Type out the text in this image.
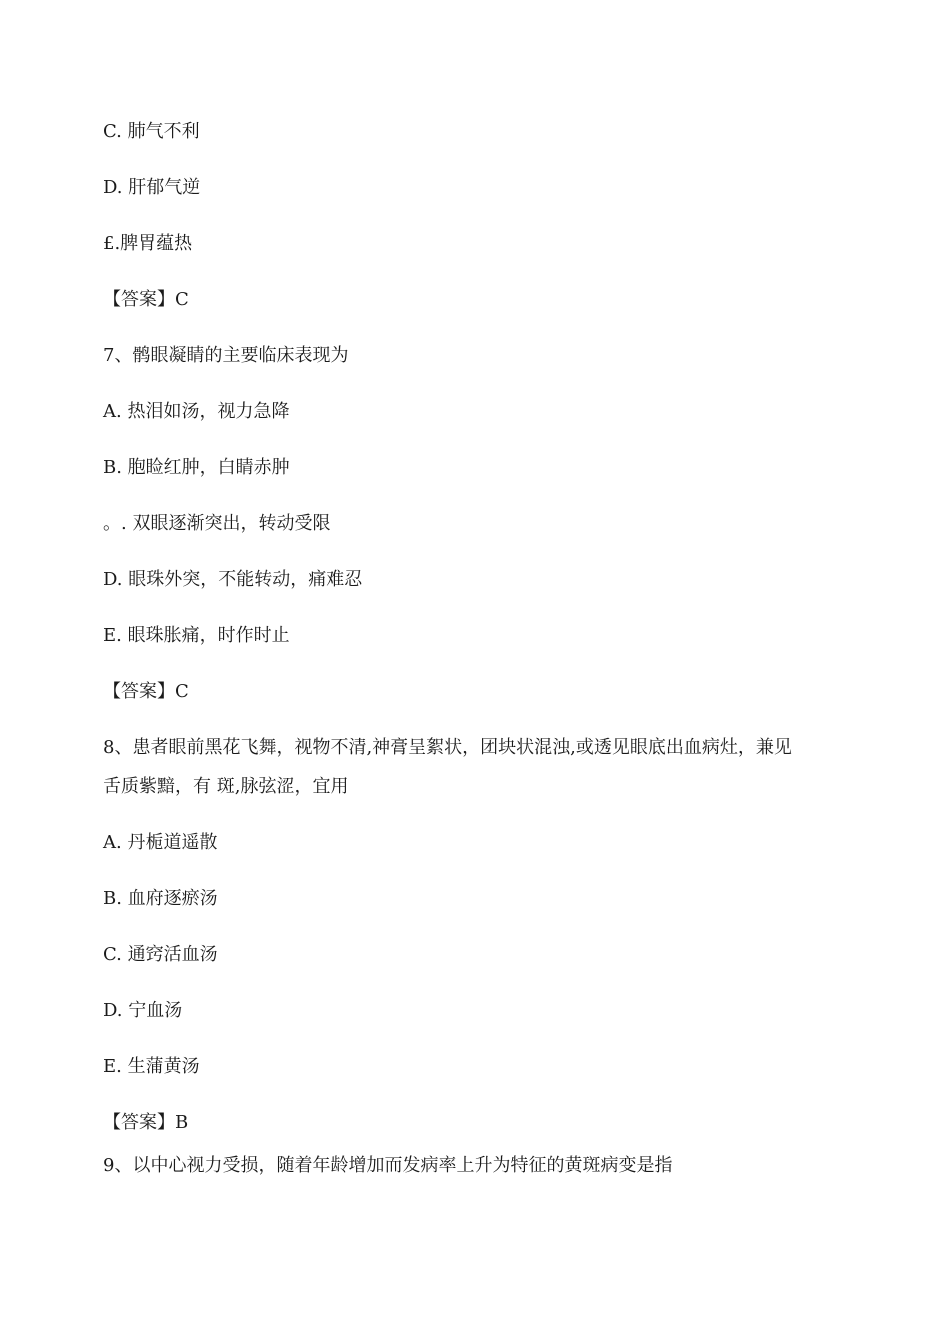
C. 肺气不利
D. 肝郁气逆
£.脾胃蕴热
【答案】C
7、鹘眼凝睛的主要临床表现为
A. 热泪如汤，视力急降
B. 胞睑红肿，白睛赤肿
。. 双眼逐渐突出，转动受限
D. 眼珠外突，不能转动，痛难忍
E. 眼珠胀痛，时作时止
【答案】C
8、患者眼前黑花飞舞，视物不清,神膏呈絮状，团块状混浊,或透见眼底出血病灶，兼见
舌质紫黯，有 斑,脉弦涩，宜用
A. 丹栀道遥散
B. 血府逐瘀汤
C. 通窍活血汤
D. 宁血汤
E. 生蒲黄汤
【答案】B
9、以中心视力受损，随着年龄增加而发病率上升为特征的黄斑病变是指
